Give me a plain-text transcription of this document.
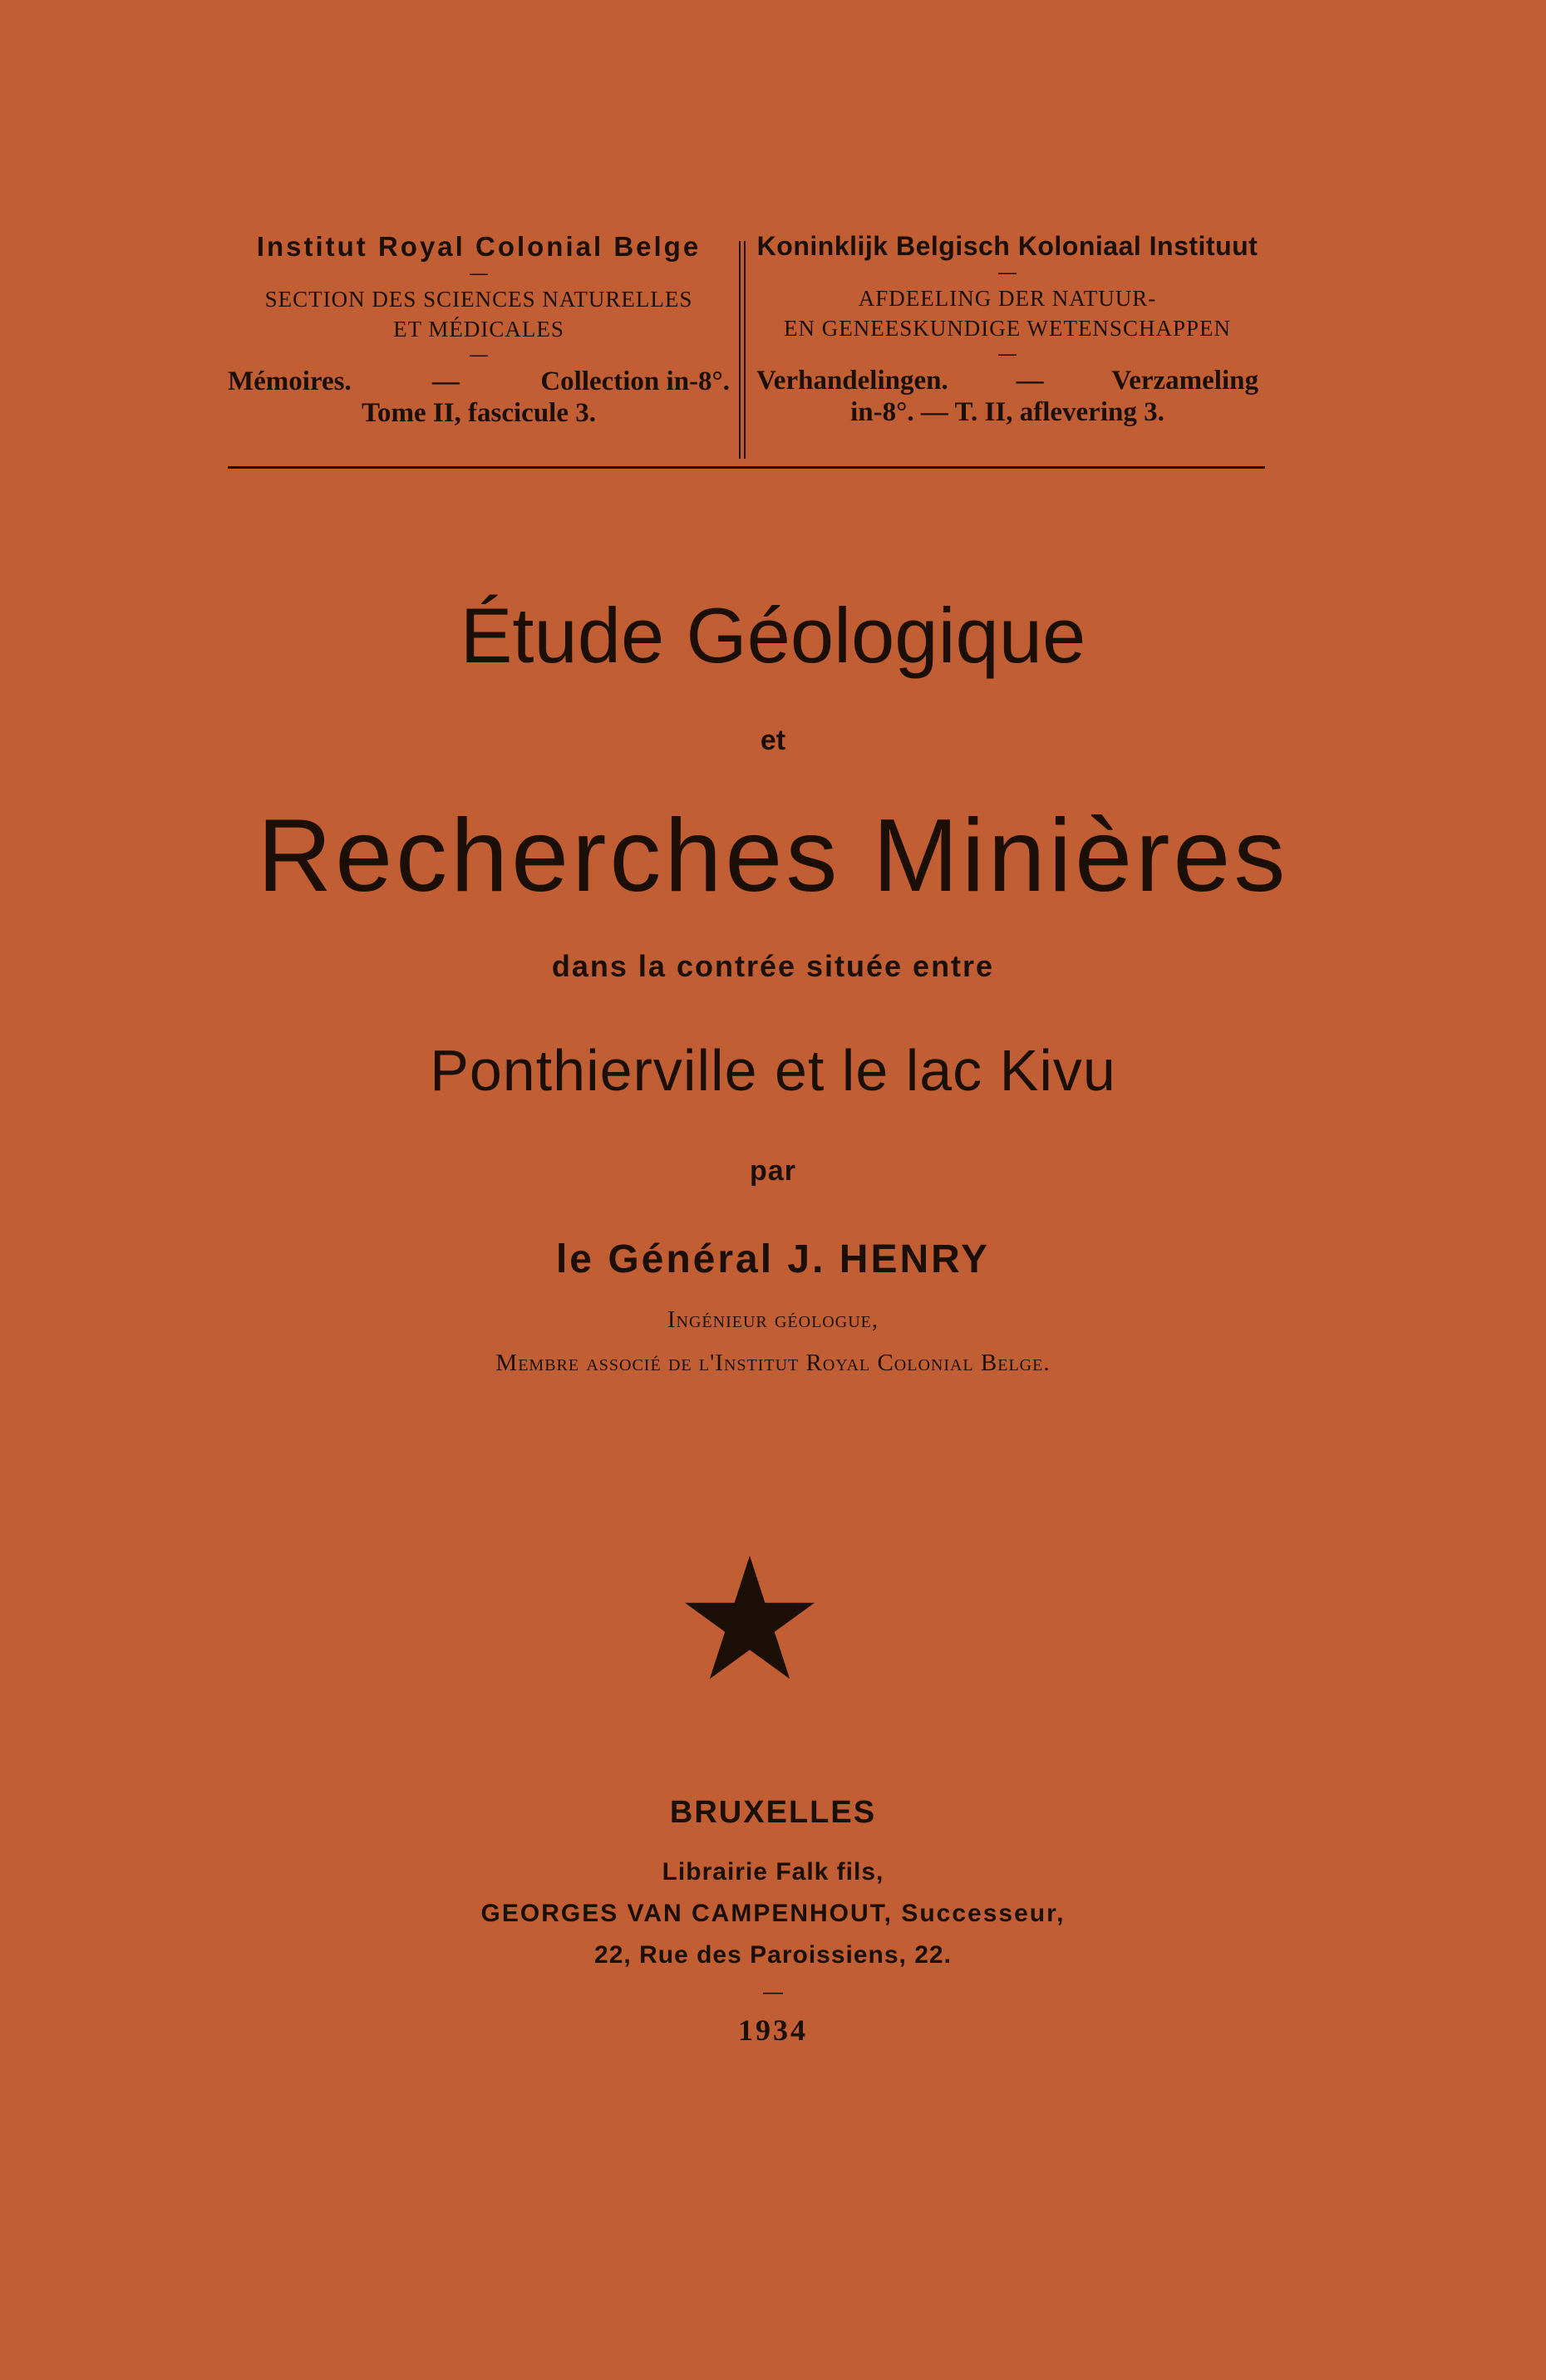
Institut Royal Colonial Belge
—
SECTION DES SCIENCES NATURELLES
ET MÉDICALES
—
Mémoires.	—	Collection in-8°.
Tome II, fascicule 3.
Koninklijk Belgisch Koloniaal Instituut
—
AFDEELING DER NATUUR-
EN GENEESKUNDIGE WETENSCHAPPEN
—
Verhandelingen. — Verzameling
in-8°. — T. II, aflevering 3.
Étude Géologique
et
Recherches Minières
dans la contrée située entre
Ponthierville et le lac Kivu
par
le Général J. HENRY
Ingénieur géologue,
Membre associé de l'Institut Royal Colonial Belge.
BRUXELLES
Librairie Falk fils,
GEORGES VAN CAMPENHOUT, Successeur,
22, Rue des Paroissiens, 22.
—
1934
